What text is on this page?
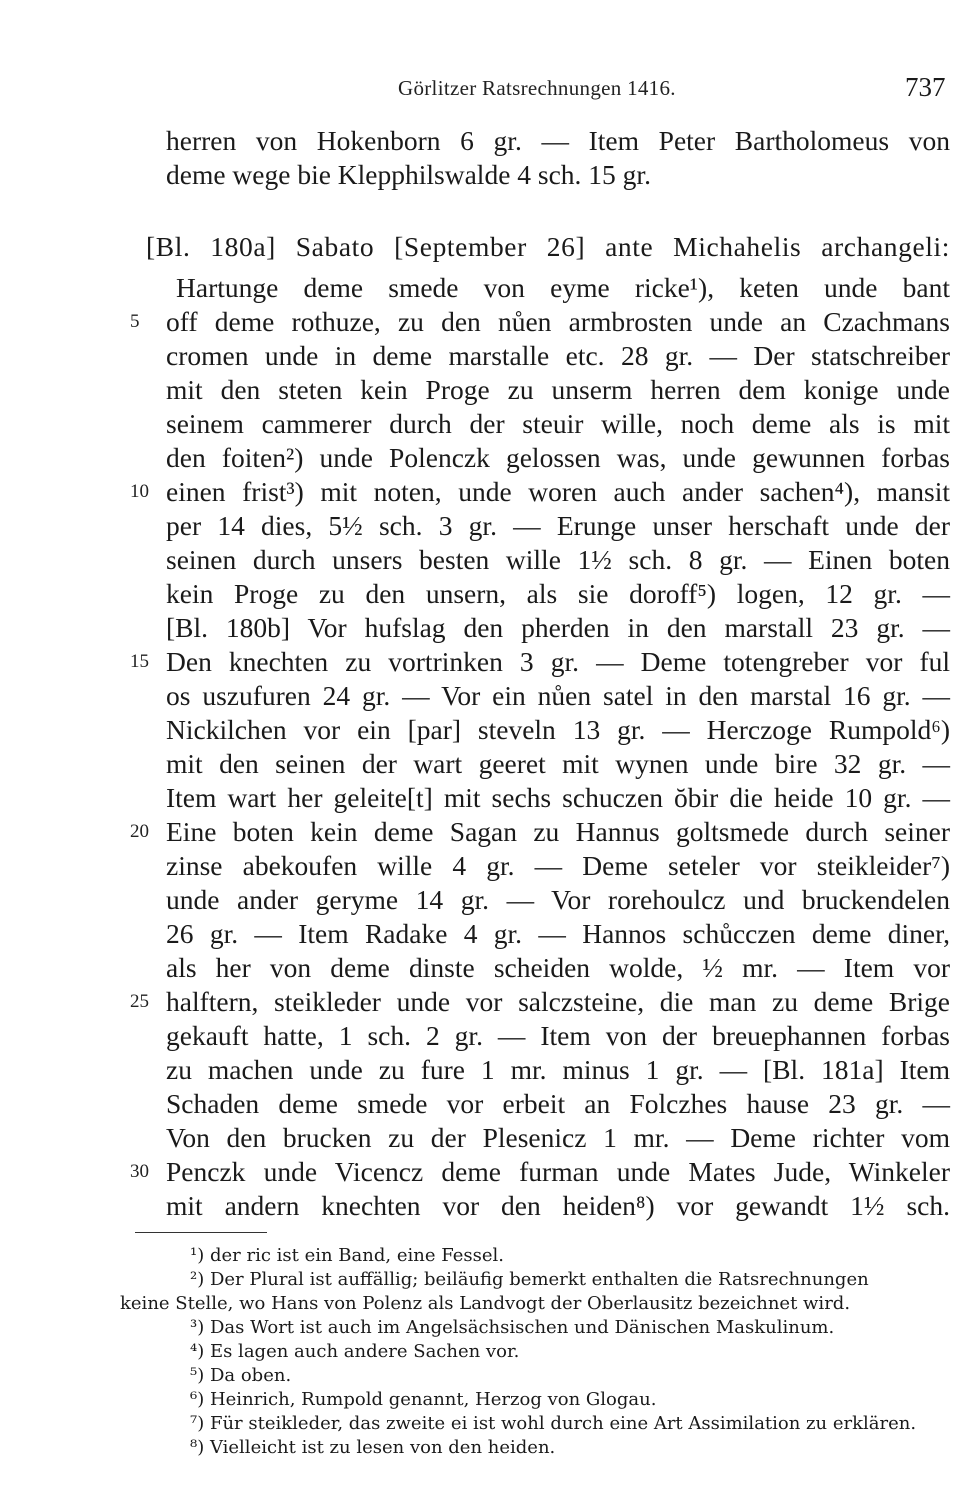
Görlitzer Ratsrechnungen 1416.	737
herren von Hokenborn 6 gr. — Item Peter Bartholomeus von
deme wege bie Klepphilswalde 4 sch. 15 gr.
[Bl. 180a] Sabato [September 26] ante Michahelis archangeli:
Hartunge deme smede von eyme ricke¹), keten unde bant
off deme rothuze, zu den nůen armbrosten unde an Czachmans
cromen unde in deme marstalle etc. 28 gr. — Der statschreiber
mit den steten kein Proge zu unserm herren dem konige unde
seinem cammerer durch der steuir wille, noch deme als is mit
den foiten²) unde Polenczk gelossen was, unde gewunnen forbas
einen frist³) mit noten, unde woren auch ander sachen⁴), mansit
per 14 dies, 5½ sch. 3 gr. — Erunge unser herschaft unde der
seinen durch unsers besten wille 1½ sch. 8 gr. — Einen boten
kein Proge zu den unsern, als sie doroff⁵) logen, 12 gr. —
[Bl. 180b] Vor hufslag den pherden in den marstall 23 gr. —
Den knechten zu vortrinken 3 gr. — Deme totengreber vor ful
os uszufuren 24 gr. — Vor ein nůen satel in den marstal 16 gr. —
Nickilchen vor ein [par] steveln 13 gr. — Herczoge Rumpold⁶)
mit den seinen der wart geeret mit wynen unde bire 32 gr. —
Item wart her geleite[t] mit sechs schuczen ŏbir die heide 10 gr. —
Eine boten kein deme Sagan zu Hannus goltsmede durch seiner
zinse abekoufen wille 4 gr. — Deme seteler vor steikleider⁷)
unde ander geryme 14 gr. — Vor rorehoulcz und bruckendelen
26 gr. — Item Radake 4 gr. — Hannos schůcczen deme diner,
als her von deme dinste scheiden wolde, ½ mr. — Item vor
halftern, steikleder unde vor salczsteine, die man zu deme Brige
gekauft hatte, 1 sch. 2 gr. — Item von der breuephannen forbas
zu machen unde zu fure 1 mr. minus 1 gr. — [Bl. 181a] Item
Schaden deme smede vor erbeit an Folczhes hause 23 gr. —
Von den brucken zu der Plesenicz 1 mr. — Deme richter vom
Penczk unde Vicencz deme furman unde Mates Jude, Winkeler
mit andern knechten vor den heiden⁸) vor gewandt 1½ sch.
5
10
15
20
25
30
¹) der ric ist ein Band, eine Fessel.
²) Der Plural ist auffällig; beiläufig bemerkt enthalten die Ratsrechnungen
keine Stelle, wo Hans von Polenz als Landvogt der Oberlausitz bezeichnet wird.
³) Das Wort ist auch im Angelsächsischen und Dänischen Maskulinum.
⁴) Es lagen auch andere Sachen vor.
⁵) Da oben.
⁶) Heinrich, Rumpold genannt, Herzog von Glogau.
⁷) Für steikleder, das zweite ei ist wohl durch eine Art Assimilation zu erklären.
⁸) Vielleicht ist zu lesen von den heiden.
